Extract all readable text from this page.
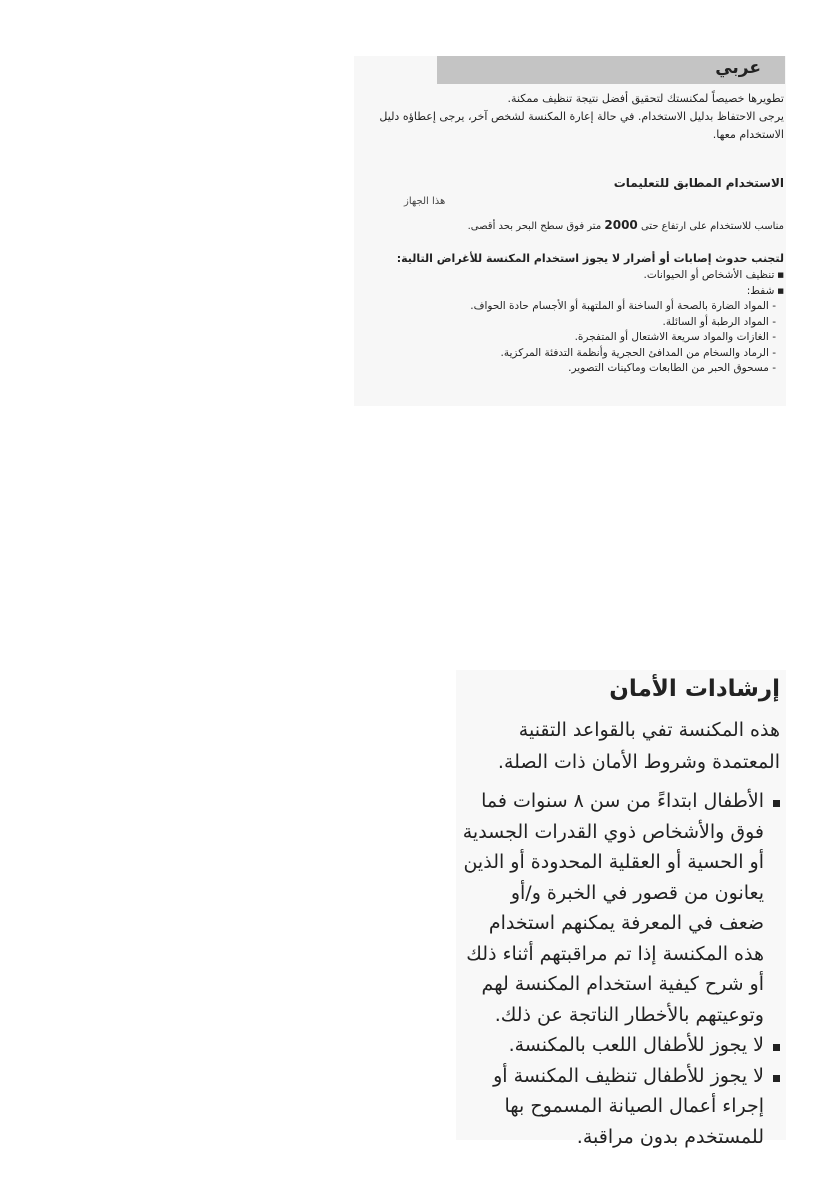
عربي
تطويرها خصيصاً لمكنستك لتحقيق أفضل نتيجة تنظيف ممكنة.
يرجى الاحتفاظ بدليل الاستخدام. في حالة إعارة المكنسة لشخص آخر، يرجى إعطاؤه دليل الاستخدام معها.

الاستخدام المطابق للتعليمات

هذا الجهاز

مناسب للاستخدام على ارتفاع حتى 2000 متر فوق سطح البحر بحد أقصى.

لتجنب حدوث إصابات أو أضرار لا يجوز استخدام المكنسة للأغراض التالية:

■ تنظيف الأشخاص أو الحيوانات.
■ شفط:
- المواد الضارة بالصحة أو الساخنة أو الملتهبة أو الأجسام حادة الحواف.
- المواد الرطبة أو السائلة.
- الغازات والمواد سريعة الاشتعال أو المتفجرة.
- الرماد والسخام من المدافئ الحجرية وأنظمة التدفئة المركزية.
- مسحوق الحبر من الطابعات وماكينات التصوير.
إرشادات الأمان

هذه المكنسة تفي بالقواعد التقنية المعتمدة وشروط الأمان ذات الصلة.

الأطفال ابتداءً من سن ٨ سنوات فما فوق والأشخاص ذوي القدرات الجسدية أو الحسية أو العقلية المحدودة أو الذين يعانون من قصور في الخبرة و/أو ضعف في المعرفة يمكنهم استخدام هذه المكنسة إذا تم مراقبتهم أثناء ذلك أو شرح كيفية استخدام المكنسة لهم وتوعيتهم بالأخطار الناتجة عن ذلك.
لا يجوز للأطفال اللعب بالمكنسة.
لا يجوز للأطفال تنظيف المكنسة أو إجراء أعمال الصيانة المسموح بها للمستخدم بدون مراقبة.
